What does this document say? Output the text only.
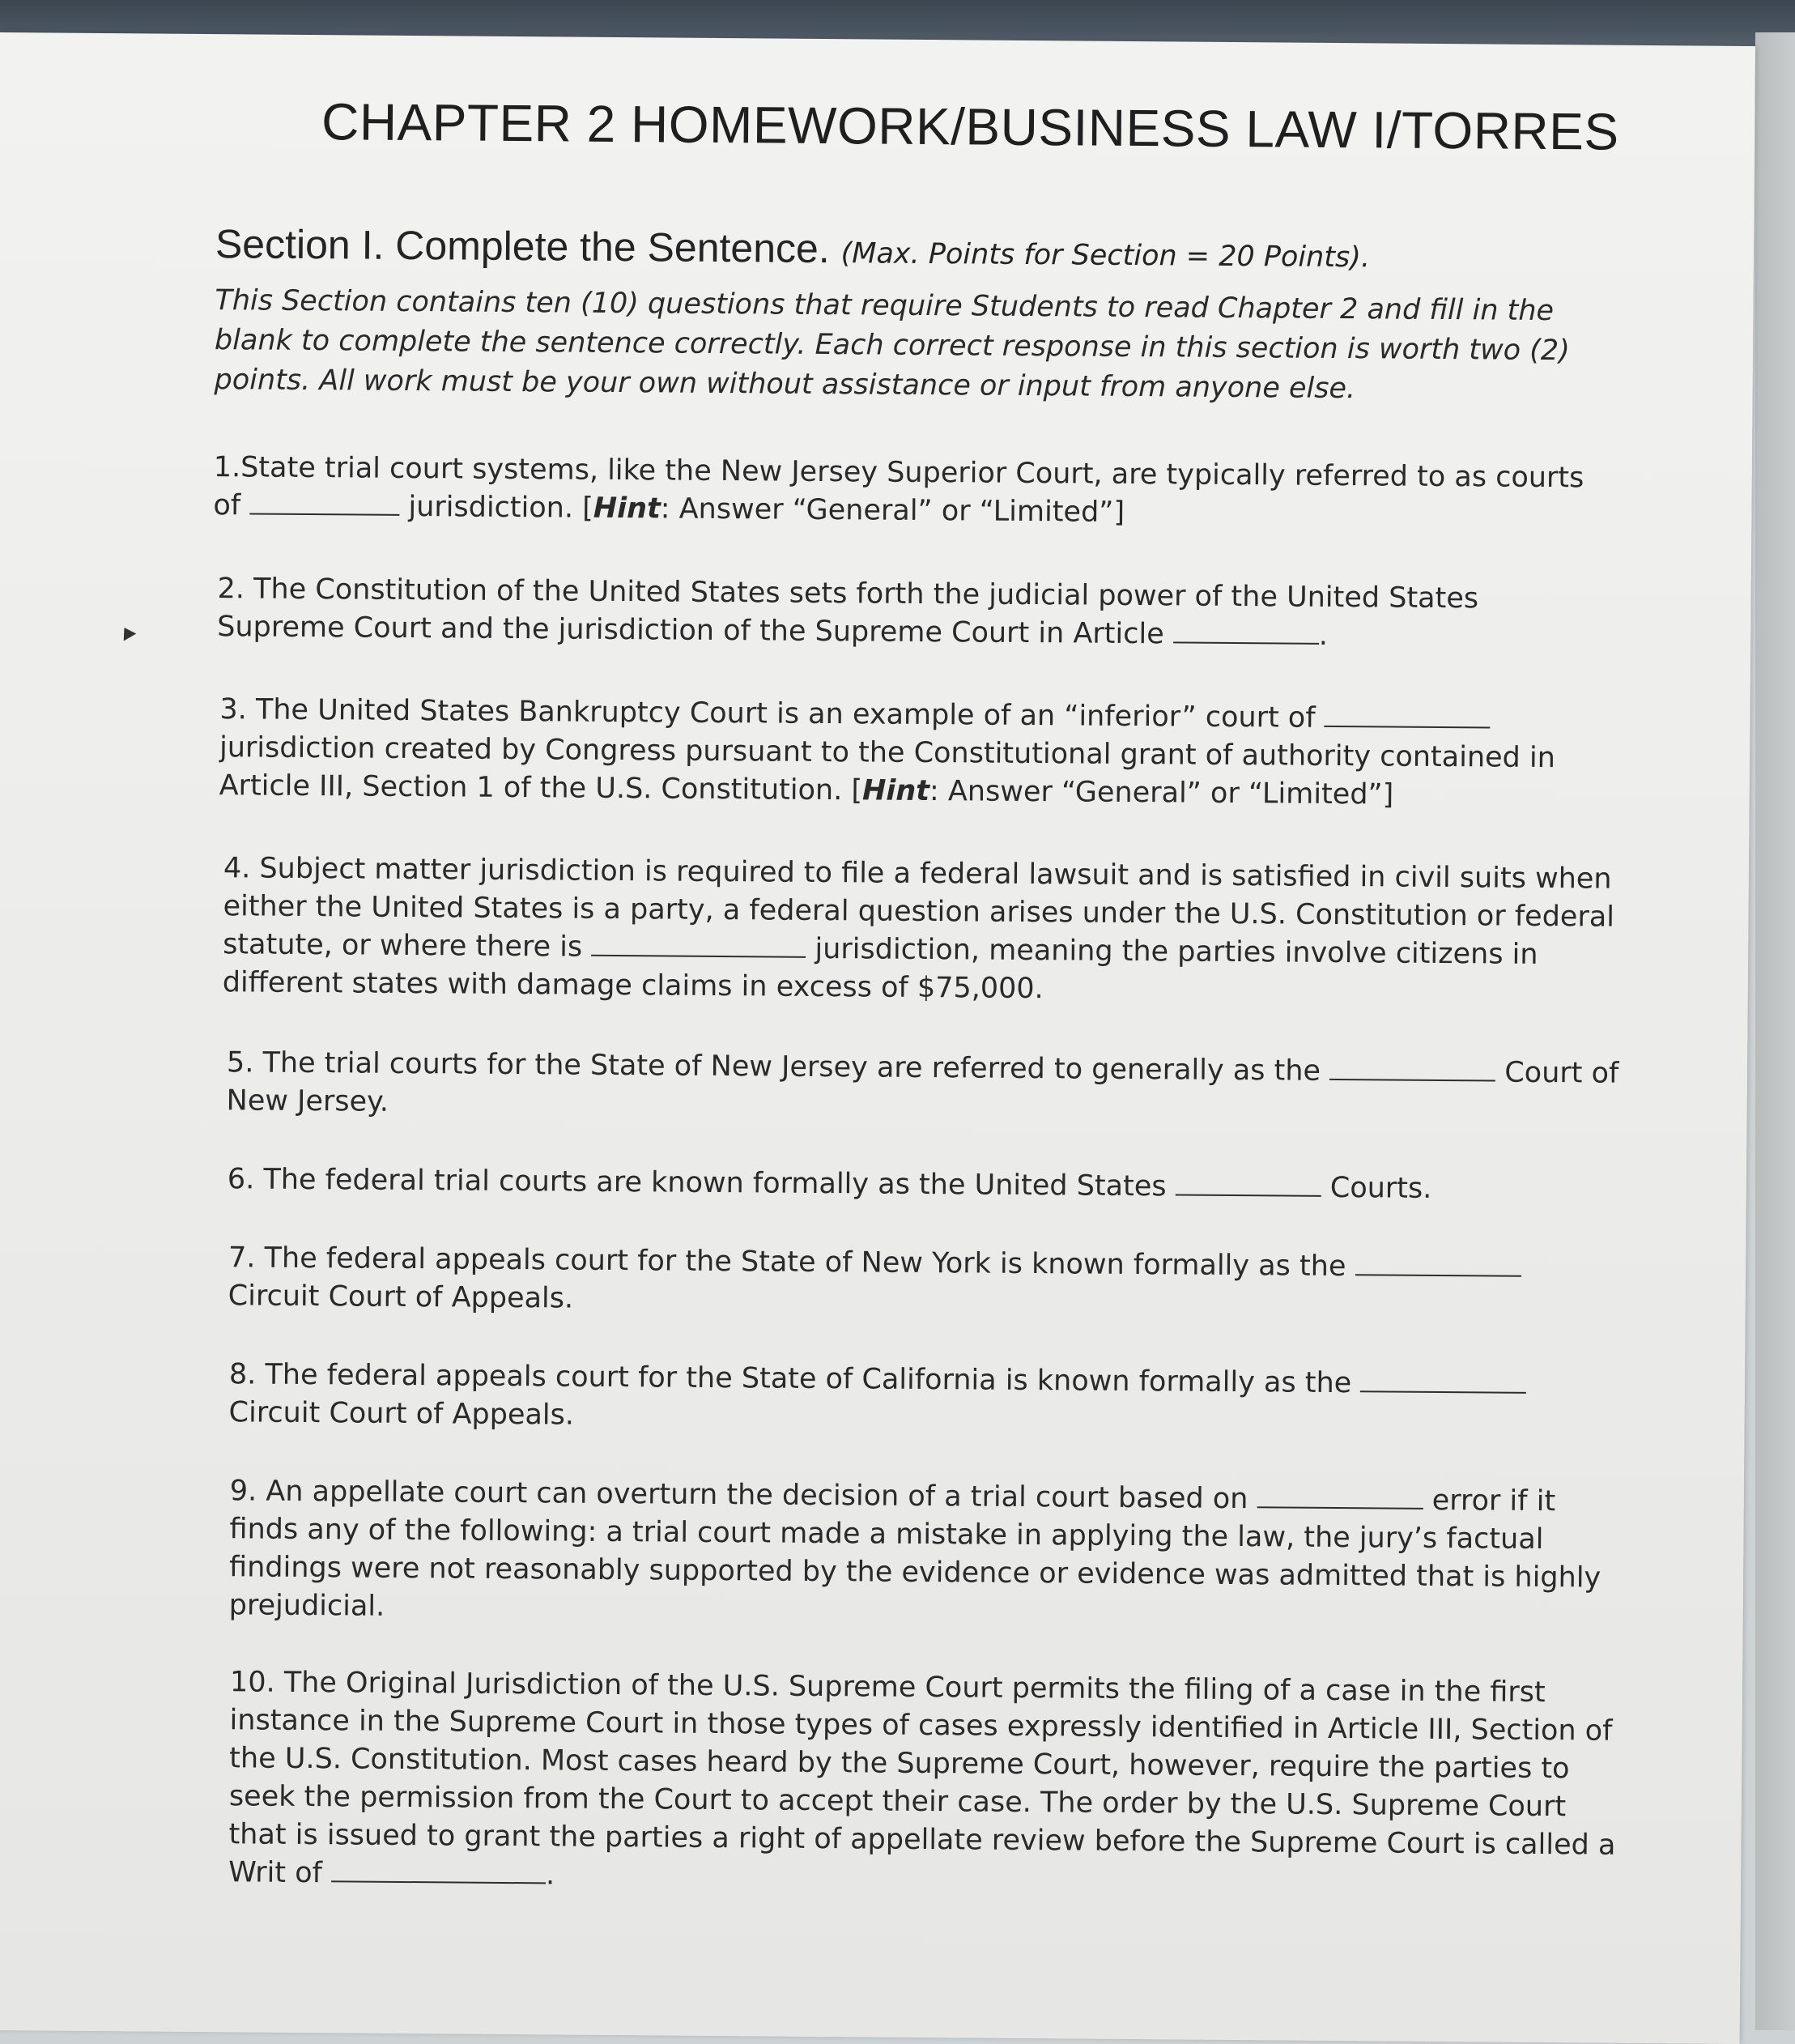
CHAPTER 2 HOMEWORK/BUSINESS LAW I/TORRES

Section I. Complete the Sentence. (Max. Points for Section = 20 Points).

This Section contains ten (10) questions that require Students to read Chapter 2 and fill in the blank to complete the sentence correctly. Each correct response in this section is worth two (2) points. All work must be your own without assistance or input from anyone else.

1.State trial court systems, like the New Jersey Superior Court, are typically referred to as courts of	jurisdiction. [Hint: Answer “General” or “Limited”]

2. The Constitution of the United States sets forth the judicial power of the United States Supreme Court and the jurisdiction of the Supreme Court in Article	.

3. The United States Bankruptcy Court is an example of an “inferior” court of  jurisdiction created by Congress pursuant to the Constitutional grant of authority contained in Article III, Section 1 of the U.S. Constitution. [Hint: Answer “General” or “Limited”]

4. Subject matter jurisdiction is required to file a federal lawsuit and is satisfied in civil suits when either the United States is a party, a federal question arises under the U.S. Constitution or federal statute, or where there is	jurisdiction, meaning the parties involve citizens in different states with damage claims in excess of $75,000.

5. The trial courts for the State of New Jersey are referred to generally as the	Court of New Jersey.

6. The federal trial courts are known formally as the United States	Courts.

7. The federal appeals court for the State of New York is known formally as the  Circuit Court of Appeals.

8. The federal appeals court for the State of California is known formally as the  Circuit Court of Appeals.

9. An appellate court can overturn the decision of a trial court based on	error if it finds any of the following: a trial court made a mistake in applying the law, the jury’s factual findings were not reasonably supported by the evidence or evidence was admitted that is highly prejudicial.

10. The Original Jurisdiction of the U.S. Supreme Court permits the filing of a case in the first instance in the Supreme Court in those types of cases expressly identified in Article III, Section of the U.S. Constitution. Most cases heard by the Supreme Court, however, require the parties to seek the permission from the Court to accept their case. The order by the U.S. Supreme Court that is issued to grant the parties a right of appellate review before the Supreme Court is called a Writ of	.
